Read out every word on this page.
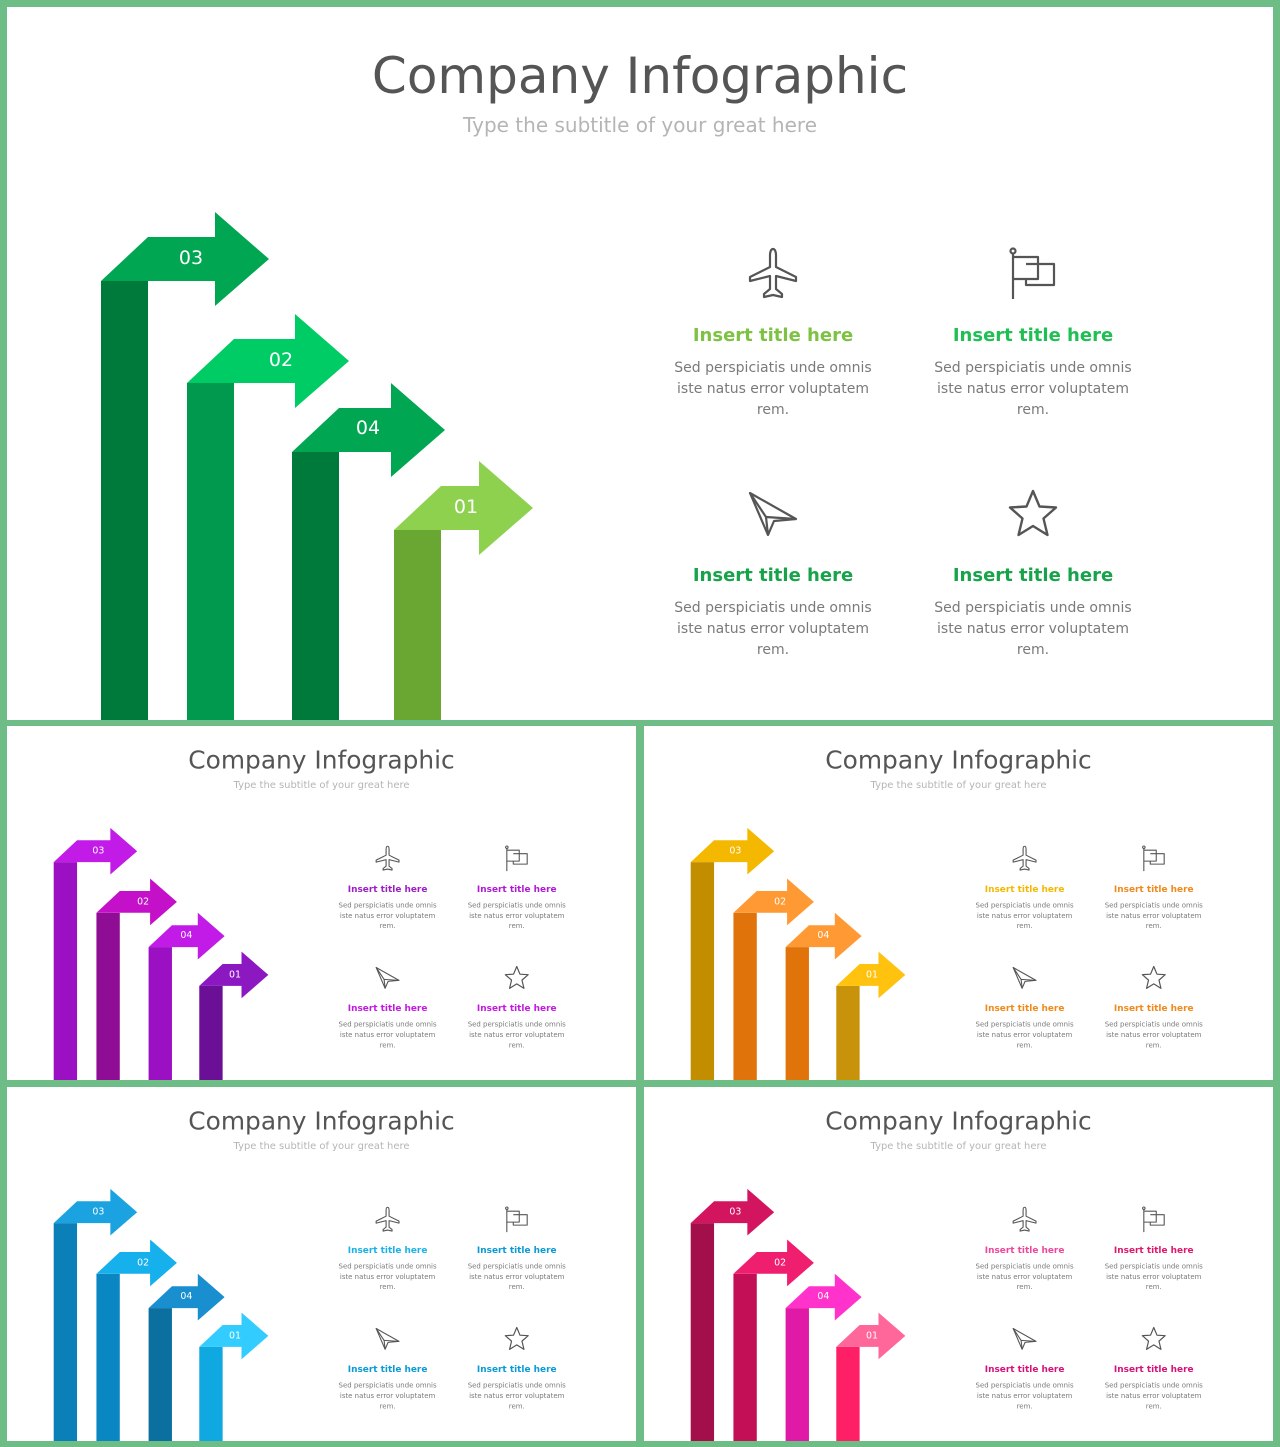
Company Infographic
Type the subtitle of your great here
03
02
04
01
Insert title here
Sed perspiciatis unde omnis
iste natus error voluptatem
rem.
Insert title here
Sed perspiciatis unde omnis
iste natus error voluptatem
rem.
Insert title here
Sed perspiciatis unde omnis
iste natus error voluptatem
rem.
Insert title here
Sed perspiciatis unde omnis
iste natus error voluptatem
rem.
Company Infographic
Type the subtitle of your great here
03
02
04
01
Insert title here
Sed perspiciatis unde omnis
iste natus error voluptatem
rem.
Insert title here
Sed perspiciatis unde omnis
iste natus error voluptatem
rem.
Insert title here
Sed perspiciatis unde omnis
iste natus error voluptatem
rem.
Insert title here
Sed perspiciatis unde omnis
iste natus error voluptatem
rem.
Company Infographic
Type the subtitle of your great here
03
02
04
01
Insert title here
Sed perspiciatis unde omnis
iste natus error voluptatem
rem.
Insert title here
Sed perspiciatis unde omnis
iste natus error voluptatem
rem.
Insert title here
Sed perspiciatis unde omnis
iste natus error voluptatem
rem.
Insert title here
Sed perspiciatis unde omnis
iste natus error voluptatem
rem.
Company Infographic
Type the subtitle of your great here
03
02
04
01
Insert title here
Sed perspiciatis unde omnis
iste natus error voluptatem
rem.
Insert title here
Sed perspiciatis unde omnis
iste natus error voluptatem
rem.
Insert title here
Sed perspiciatis unde omnis
iste natus error voluptatem
rem.
Insert title here
Sed perspiciatis unde omnis
iste natus error voluptatem
rem.
Company Infographic
Type the subtitle of your great here
03
02
04
01
Insert title here
Sed perspiciatis unde omnis
iste natus error voluptatem
rem.
Insert title here
Sed perspiciatis unde omnis
iste natus error voluptatem
rem.
Insert title here
Sed perspiciatis unde omnis
iste natus error voluptatem
rem.
Insert title here
Sed perspiciatis unde omnis
iste natus error voluptatem
rem.
